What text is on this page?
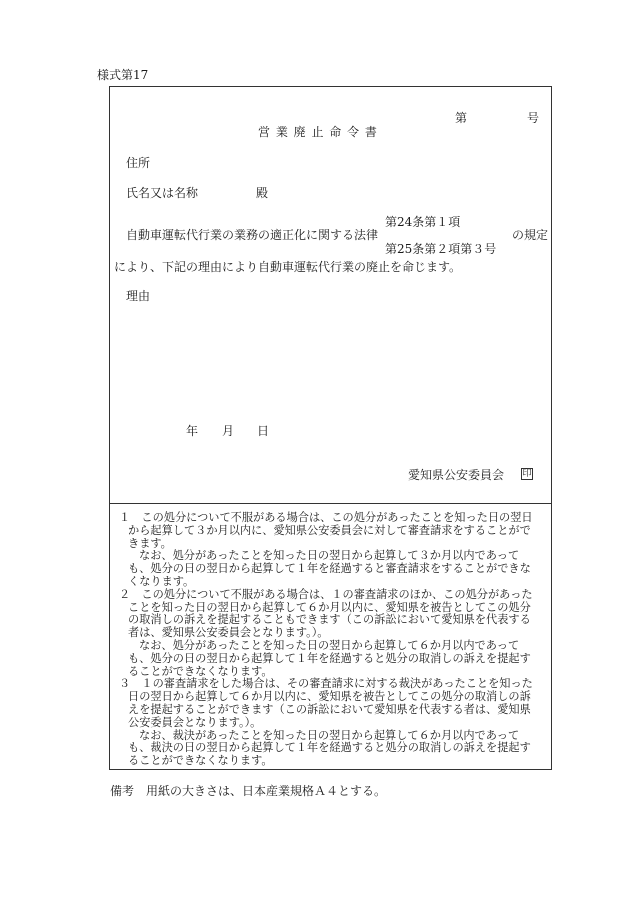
様式第17
第	号
営 業 廃 止 命 令 書
住所
氏名又は名称	殿
第24条第１項
自動車運転代行業の業務の適正化に関する法律	の規定
第25条第２項第３号
により、下記の理由により自動車運転代行業の廃止を命じます。
理由
年 月 日
愛知県公安委員会 印
１　この処分について不服がある場合は、この処分があったことを知った日の翌日
から起算して３か月以内に、愛知県公安委員会に対して審査請求をすることがで
きます。
なお、処分があったことを知った日の翌日から起算して３か月以内であって
も、処分の日の翌日から起算して１年を経過すると審査請求をすることができな
くなります。
２　この処分について不服がある場合は、１の審査請求のほか、この処分があった
ことを知った日の翌日から起算して６か月以内に、愛知県を被告としてこの処分
の取消しの訴えを提起することもできます（この訴訟において愛知県を代表する
者は、愛知県公安委員会となります。）。
なお、処分があったことを知った日の翌日から起算して６か月以内であって
も、処分の日の翌日から起算して１年を経過すると処分の取消しの訴えを提起す
ることができなくなります。
３　１の審査請求をした場合は、その審査請求に対する裁決があったことを知った
日の翌日から起算して６か月以内に、愛知県を被告としてこの処分の取消しの訴
えを提起することができます（この訴訟において愛知県を代表する者は、愛知県
公安委員会となります。）。
なお、裁決があったことを知った日の翌日から起算して６か月以内であって
も、裁決の日の翌日から起算して１年を経過すると処分の取消しの訴えを提起す
ることができなくなります。
備考　用紙の大きさは、日本産業規格Ａ４とする。
